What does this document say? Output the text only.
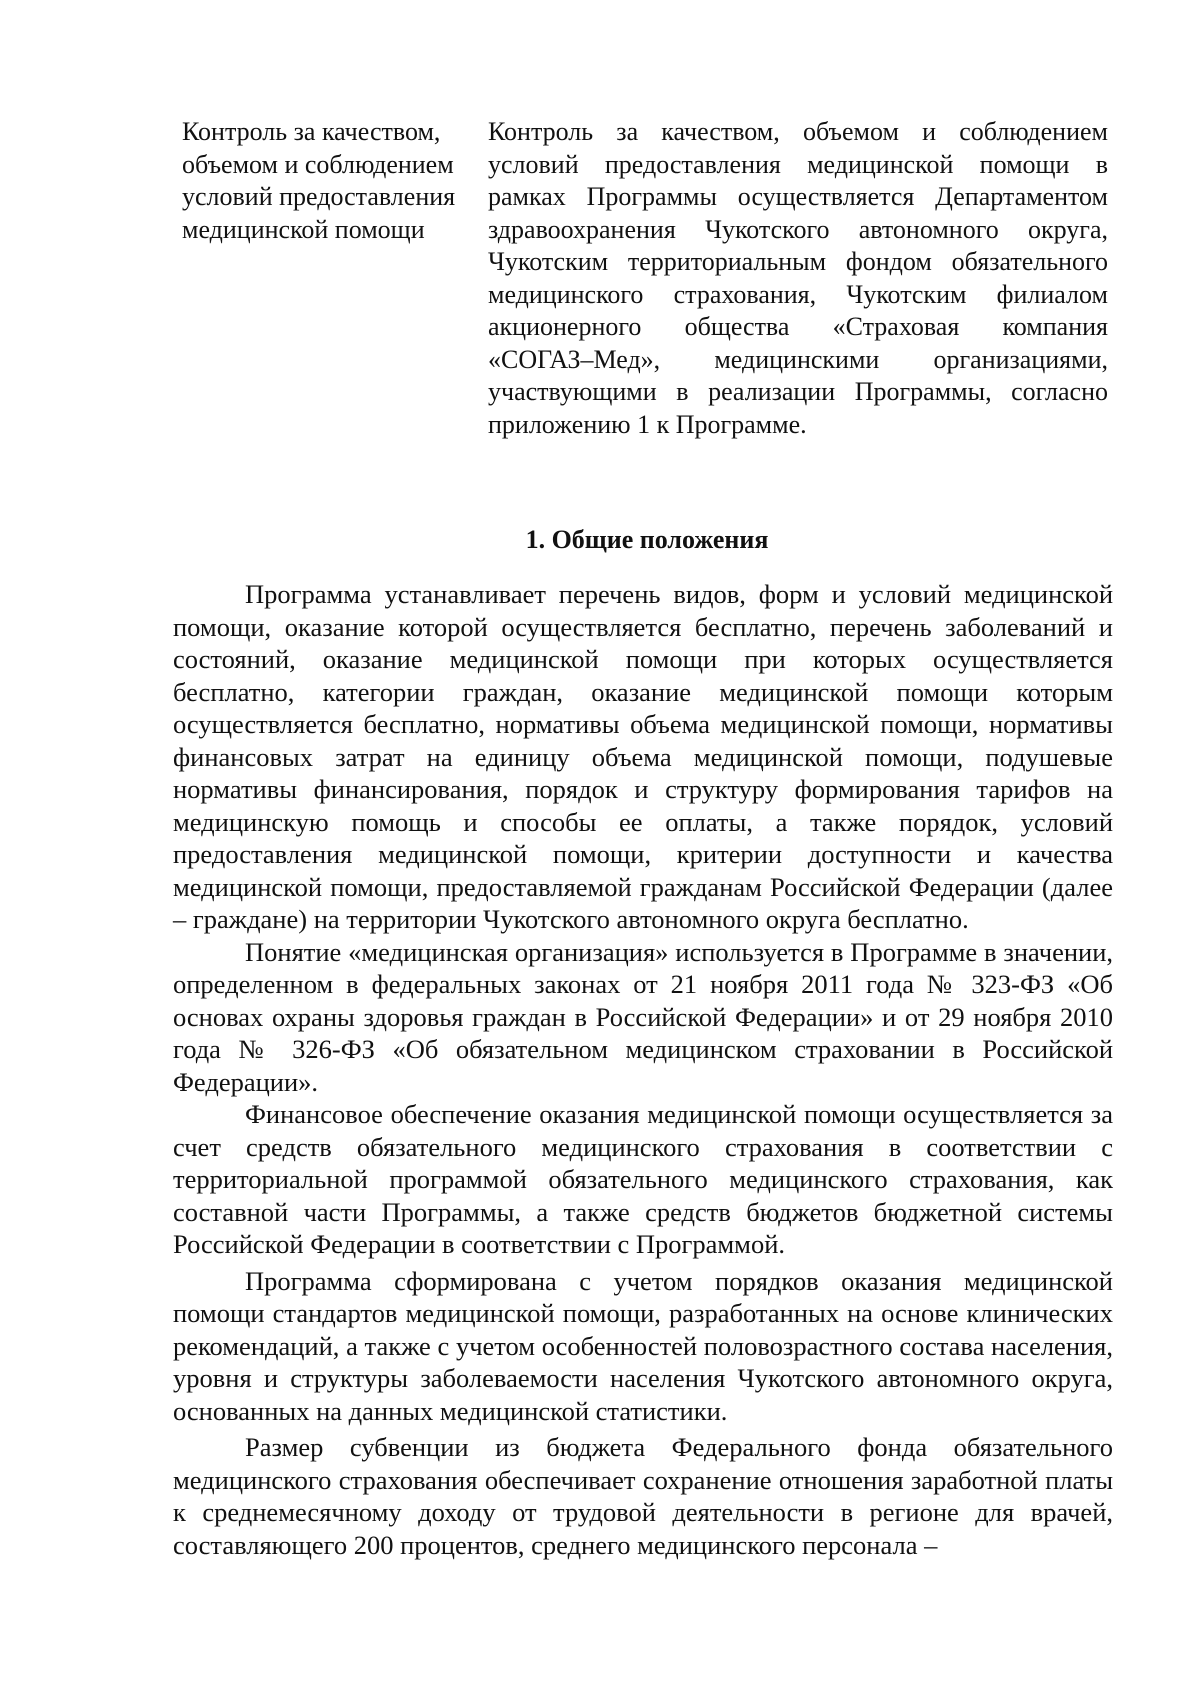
Контроль за качеством, объемом и соблюдением условий предоставления медицинской помощи
Контроль за качеством, объемом и соблюдением условий предоставления медицинской помощи в рамках Программы осуществляется Департаментом здравоохранения Чукотского автономного округа, Чукотским территориальным фондом обязательного медицинского страхования, Чукотским филиалом акционерного общества «Страховая компания «СОГАЗ–Мед», медицинскими организациями, участвующими в реализации Программы, согласно приложению 1 к Программе.
1. Общие положения

Программа устанавливает перечень видов, форм и условий медицинской помощи, оказание которой осуществляется бесплатно, перечень заболеваний и состояний, оказание медицинской помощи при которых осуществляется бесплатно, категории граждан, оказание медицинской помощи которым осуществляется бесплатно, нормативы объема медицинской помощи, нормативы финансовых затрат на единицу объема медицинской помощи, подушевые нормативы финансирования, порядок и структуру формирования тарифов на медицинскую помощь и способы ее оплаты, а также порядок, условий предоставления медицинской помощи, критерии доступности и качества медицинской помощи, предоставляемой гражданам Российской Федерации (далее – граждане) на территории Чукотского автономного округа бесплатно.

Понятие «медицинская организация» используется в Программе в значении, определенном в федеральных законах от 21 ноября 2011 года № 323-ФЗ «Об основах охраны здоровья граждан в Российской Федерации» и от 29 ноября 2010 года № 326-ФЗ «Об обязательном медицинском страховании в Российской Федерации».

Финансовое обеспечение оказания медицинской помощи осуществляется за счет средств обязательного медицинского страхования в соответствии с территориальной программой обязательного медицинского страхования, как составной части Программы, а также средств бюджетов бюджетной системы Российской Федерации в соответствии с Программой.

Программа сформирована с учетом порядков оказания медицинской помощи стандартов медицинской помощи, разработанных на основе клинических рекомендаций, а также с учетом особенностей половозрастного состава населения, уровня и структуры заболеваемости населения Чукотского автономного округа, основанных на данных медицинской статистики.

Размер субвенции из бюджета Федерального фонда обязательного медицинского страхования обеспечивает сохранение отношения заработной платы к среднемесячному доходу от трудовой деятельности в регионе для врачей, составляющего 200 процентов, среднего медицинского персонала –
